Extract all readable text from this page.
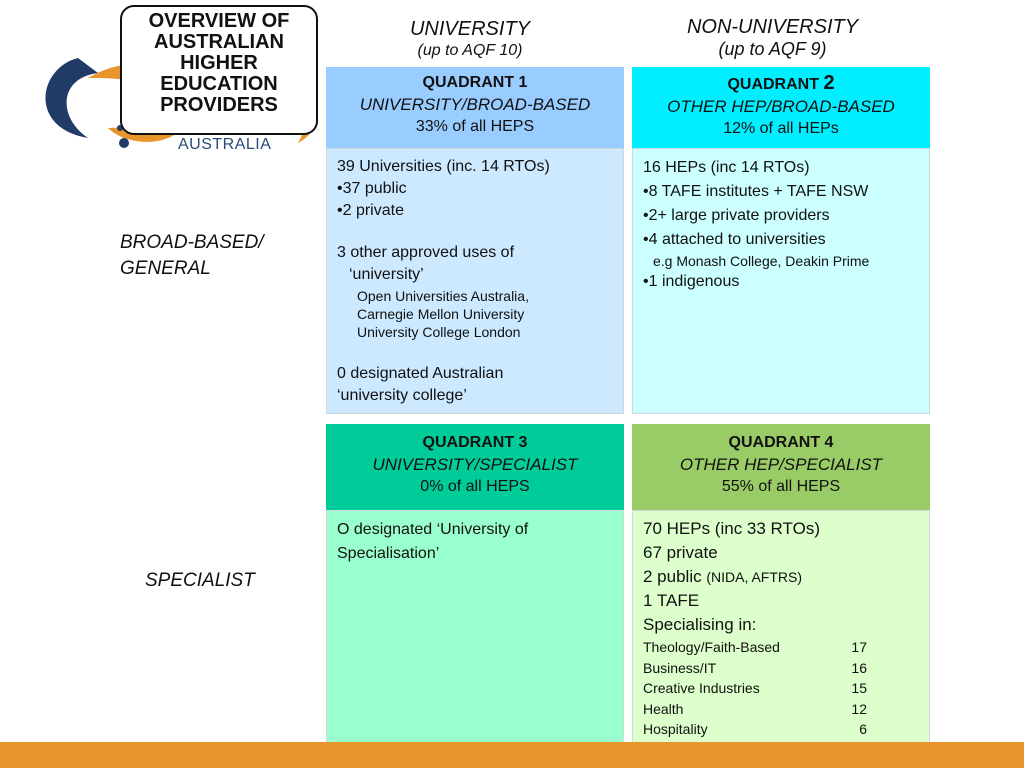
AUSTRALIA
OVERVIEW OF
AUSTRALIAN
HIGHER
EDUCATION
PROVIDERS
UNIVERSITY
(up to AQF 10)
NON-UNIVERSITY
(up to AQF 9)
BROAD-BASED/
GENERAL
SPECIALIST
QUADRANT 1
UNIVERSITY/BROAD-BASED
33% of all HEPS
39 Universities (inc. 14 RTOs)
•37 public
•2 private
3 other approved uses of
‘university’
Open Universities Australia,
Carnegie Mellon University
University College London
0 designated Australian
‘university college’
QUADRANT 2
OTHER HEP/BROAD-BASED
12% of all HEPs
16 HEPs (inc 14 RTOs)
•8 TAFE institutes + TAFE NSW
•2+ large private providers
•4 attached to universities
e.g Monash College, Deakin Prime
•1 indigenous
QUADRANT 3
UNIVERSITY/SPECIALIST
0% of all HEPS
O designated ‘University of
Specialisation’
QUADRANT 4
OTHER HEP/SPECIALIST
55% of all HEPS
70 HEPs (inc 33 RTOs)
67 private
2 public (NIDA, AFTRS)
1 TAFE
Specialising in:
Theology/Faith-Based	17
Business/IT	16
Creative Industries	15
Health	12
Hospitality	6
